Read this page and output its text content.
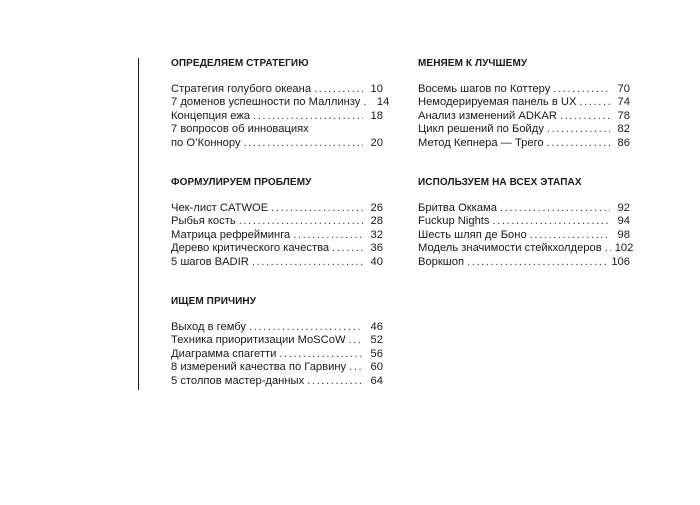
ОПРЕДЕЛЯЕМ СТРАТЕГИЮ
Стратегия голубого океана .....	10
7 доменов успешности по Маллинзу .....	14
Концепция ежа .....	18
7 вопросов об инновациях
по О’Коннору .....	20
ФОРМУЛИРУЕМ ПРОБЛЕМУ
Чек-лист CATWOE .....	26
Рыбья кость .....	28
Матрица рефрейминга .....	32
Дерево критического качества .....	36
5 шагов BADIR .....	40
ИЩЕМ ПРИЧИНУ
Выход в гембу .....	46
Техника приоритизации MoSCoW .....	52
Диаграмма спагетти .....	56
8 измерений качества по Гарвину .....	60
5 столпов мастер-данных .....	64
МЕНЯЕМ К ЛУЧШЕМУ
Восемь шагов по Коттеру .....	70
Немодерируемая панель в UX .....	74
Анализ изменений ADKAR .....	78
Цикл решений по Бойду .....	82
Метод Кепнера — Трего .....	86
ИСПОЛЬЗУЕМ НА ВСЕХ ЭТАПАХ
Бритва Оккама .....	92
Fuckup Nights .....	94
Шесть шляп де Боно .....	98
Модель значимости стейкхолдеров ..... 102
Воркшоп .....	106
